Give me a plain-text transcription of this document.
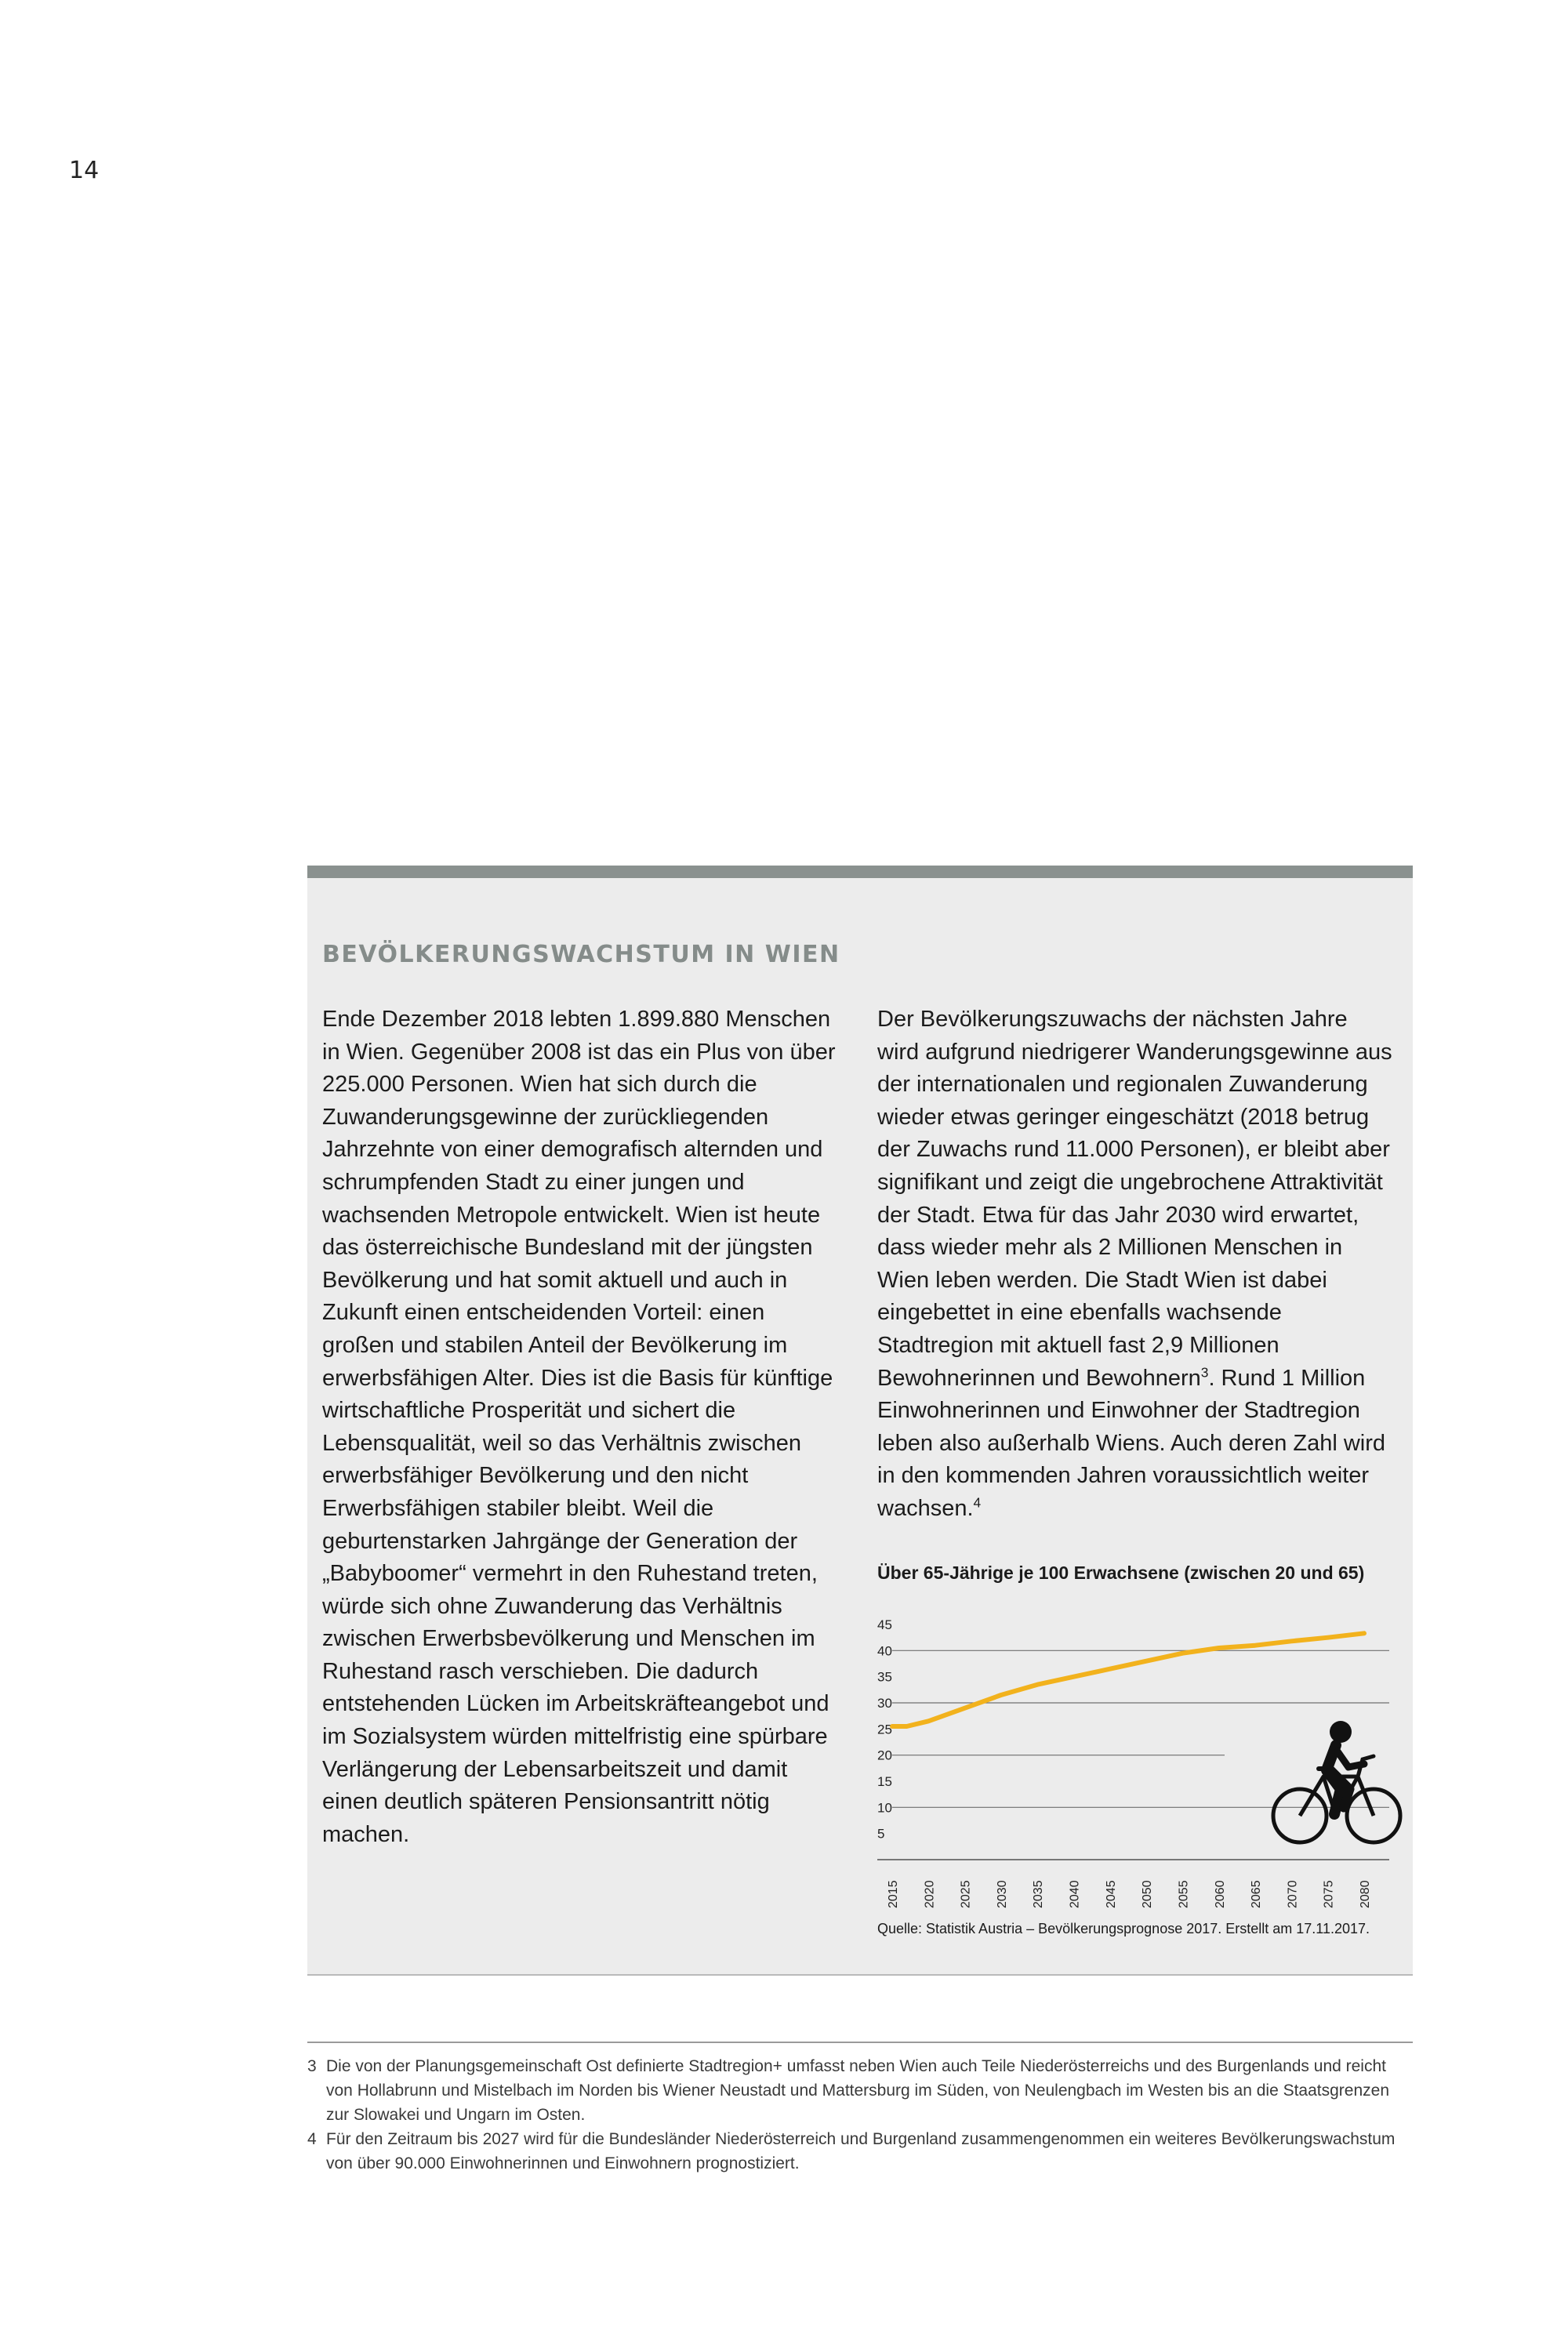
14
BEVÖLKERUNGSWACHSTUM IN WIEN

Ende Dezember 2018 lebten 1.899.880 Menschen in Wien. Gegenüber 2008 ist das ein Plus von über 225.000 Personen. Wien hat sich durch die Zuwanderungsgewinne der zurückliegenden Jahrzehnte von einer demografisch alternden und schrumpfenden Stadt zu einer jungen und wachsenden Metropole entwickelt. Wien ist heute das österreichische Bundesland mit der jüngsten Bevölkerung und hat somit aktuell und auch in Zukunft einen entscheidenden Vorteil: einen großen und stabilen Anteil der Bevölkerung im erwerbsfähigen Alter. Dies ist die Basis für künftige wirtschaftliche Prosperität und sichert die Lebensqualität, weil so das Verhältnis zwischen erwerbsfähiger Bevölkerung und den nicht Erwerbsfähigen stabiler bleibt. Weil die geburtenstarken Jahrgänge der Generation der „Babyboomer“ vermehrt in den Ruhestand treten, würde sich ohne Zuwanderung das Verhältnis zwischen Erwerbsbevölkerung und Menschen im Ruhestand rasch verschieben. Die dadurch entstehenden Lücken im Arbeitskräfteangebot und im Sozialsystem würden mittelfristig eine spürbare Verlängerung der Lebensarbeitszeit und damit einen deutlich späteren Pensionsantritt nötig machen.

Der Bevölkerungszuwachs der nächsten Jahre wird aufgrund niedrigerer Wanderungsgewinne aus der internationalen und regionalen Zuwanderung wieder etwas geringer eingeschätzt (2018 betrug der Zuwachs rund 11.000 Personen), er bleibt aber signifikant und zeigt die ungebrochene Attraktivität der Stadt. Etwa für das Jahr 2030 wird erwartet, dass wieder mehr als 2 Millionen Menschen in Wien leben werden. Die Stadt Wien ist dabei eingebettet in eine ebenfalls wachsende Stadtregion mit aktuell fast 2,9 Millionen Bewohnerinnen und Bewohnern$^3$. Rund 1 Million Einwohnerinnen und Einwohner der Stadtregion leben also außerhalb Wiens. Auch deren Zahl wird in den kommenden Jahren voraussichtlich weiter wachsen.$^4$

Über 65-Jährige je 100 Erwachsene (zwischen 20 und 65)
5
10
15
20
25
30
35
40
45
2015 2020 2025 2030 2035 2040 2045 2050 2055 2060 2065 2070 2075 2080
Quelle: Statistik Austria – Bevölkerungsprognose 2017. Erstellt am 17.11.2017.
3 Die von der Planungsgemeinschaft Ost definierte Stadtregion+ umfasst neben Wien auch Teile Niederösterreichs und des Burgenlands und reicht von Hollabrunn und Mistelbach im Norden bis Wiener Neustadt und Mattersburg im Süden, von Neulengbach im Westen bis an die Staatsgrenzen zur Slowakei und Ungarn im Osten.
4 Für den Zeitraum bis 2027 wird für die Bundesländer Niederösterreich und Burgenland zusammengenommen ein weiteres Bevölkerungswachstum von über 90.000 Einwohnerinnen und Einwohnern prognostiziert.
